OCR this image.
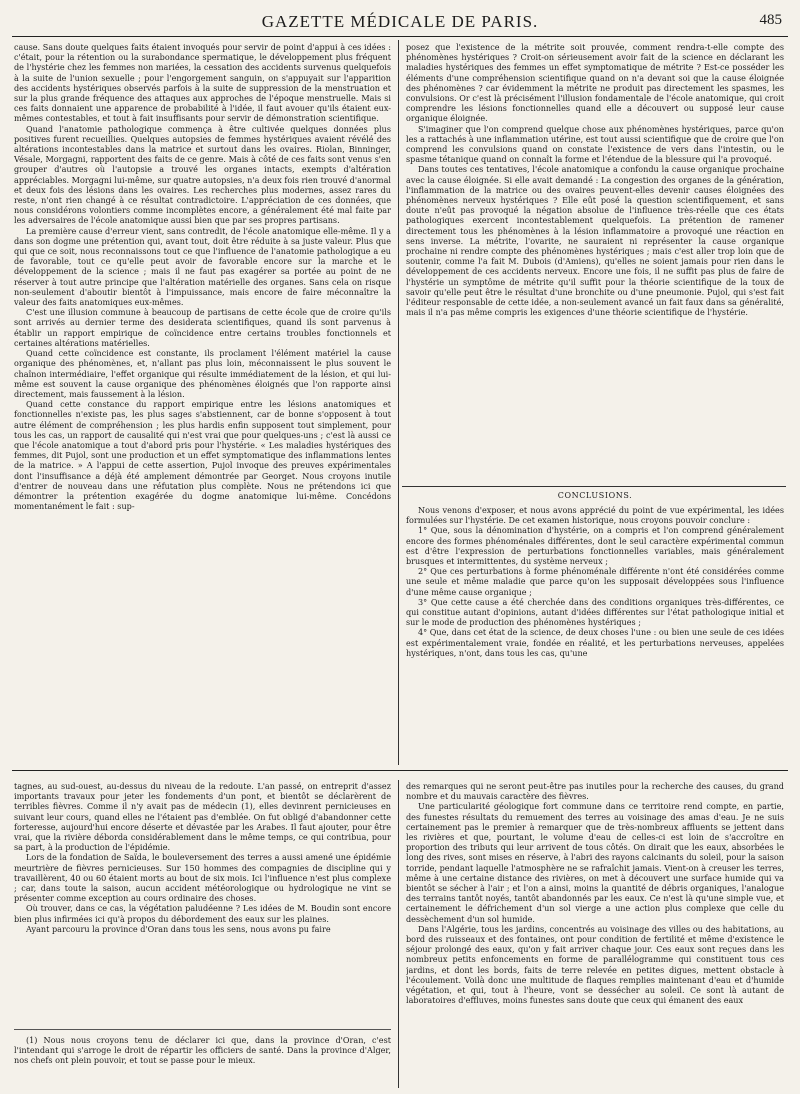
GAZETTE MÉDICALE DE PARIS.	485

cause. Sans doute quelques faits étaient invoqués pour servir de point d'appui à ces idées : c'était, pour la rétention ou la surabondance spermatique, le développement plus fréquent de l'hystérie chez les femmes non mariées, la cessation des accidents survenus quelquefois à la suite de l'union sexuelle ; pour l'engorgement sanguin, on s'appuyait sur l'apparition des accidents hystériques observés parfois à la suite de suppression de la menstruation et sur la plus grande fréquence des attaques aux approches de l'époque menstruelle. Mais si ces faits donnaient une apparence de probabilité à l'idée, il faut avouer qu'ils étaient eux-mêmes contestables, et tout à fait insuffisants pour servir de démonstration scientifique.

Quand l'anatomie pathologique commença à être cultivée quelques données plus positives furent recueillies. Quelques autopsies de femmes hystériques avaient révélé des altérations incontestables dans la matrice et surtout dans les ovaires. Riolan, Binninger, Vésale, Morgagni, rapportent des faits de ce genre. Mais à côté de ces faits sont venus s'en grouper d'autres où l'autopsie a trouvé les organes intacts, exempts d'altération appréciables. Morgagni lui-même, sur quatre autopsies, n'a deux fois rien trouvé d'anormal et deux fois des lésions dans les ovaires. Les recherches plus modernes, assez rares du reste, n'ont rien changé à ce résultat contradictoire. L'appréciation de ces données, que nous considérons volontiers comme incomplètes encore, a généralement été mal faite par les adversaires de l'école anatomique aussi bien que par ses propres partisans.

La première cause d'erreur vient, sans contredit, de l'école anatomique elle-même. Il y a dans son dogme une prétention qui, avant tout, doit être réduite à sa juste valeur. Plus que qui que ce soit, nous reconnaissons tout ce que l'influence de l'anatomie pathologique a eu de favorable, tout ce qu'elle peut avoir de favorable encore sur la marche et le développement de la science ; mais il ne faut pas exagérer sa portée au point de ne réserver à tout autre principe que l'altération matérielle des organes. Sans cela on risque non-seulement d'aboutir bientôt à l'impuissance, mais encore de faire méconnaître la valeur des faits anatomiques eux-mêmes.

C'est une illusion commune à beaucoup de partisans de cette école que de croire qu'ils sont arrivés au dernier terme des desiderata scientifiques, quand ils sont parvenus à établir un rapport empirique de coïncidence entre certains troubles fonctionnels et certaines altérations matérielles.

Quand cette coïncidence est constante, ils proclament l'élément matériel la cause organique des phénomènes, et, n'allant pas plus loin, méconnaissent le plus souvent le chaînon intermédiaire, l'effet organique qui résulte immédiatement de la lésion, et qui lui-même est souvent la cause organique des phénomènes éloignés que l'on rapporte ainsi directement, mais faussement à la lésion.

Quand cette constance du rapport empirique entre les lésions anatomiques et fonctionnelles n'existe pas, les plus sages s'abstiennent, car de bonne s'opposent à tout autre élément de compréhension ; les plus hardis enfin supposent tout simplement, pour tous les cas, un rapport de causalité qui n'est vrai que pour quelques-uns ; c'est là aussi ce que l'école anatomique a tout d'abord pris pour l'hystérie. « Les maladies hystériques des femmes, dit Pujol, sont une production et un effet symptomatique des inflammations lentes de la matrice. » A l'appui de cette assertion, Pujol invoque des preuves expérimentales dont l'insuffisance a déjà été amplement démontrée par Georget. Nous croyons inutile d'entrer de nouveau dans une réfutation plus complète. Nous ne prétendons ici que démontrer la prétention exagérée du dogme anatomique lui-même. Concédons momentanément le fait : sup-

posez que l'existence de la métrite soit prouvée, comment rendra-t-elle compte des phénomènes hystériques ? Croit-on sérieusement avoir fait de la science en déclarant les maladies hystériques des femmes un effet symptomatique de métrite ? Est-ce posséder les éléments d'une compréhension scientifique quand on n'a devant soi que la cause éloignée des phénomènes ? car évidemment la métrite ne produit pas directement les spasmes, les convulsions. Or c'est là précisément l'illusion fondamentale de l'école anatomique, qui croit comprendre les lésions fonctionnelles quand elle a découvert ou supposé leur cause organique éloignée.

S'imaginer que l'on comprend quelque chose aux phénomènes hystériques, parce qu'on les a rattachés à une inflammation utérine, est tout aussi scientifique que de croire que l'on comprend les convulsions quand on constate l'existence de vers dans l'intestin, ou le spasme tétanique quand on connaît la forme et l'étendue de la blessure qui l'a provoqué.

Dans toutes ces tentatives, l'école anatomique a confondu la cause organique prochaine avec la cause éloignée. Si elle avait demandé : La congestion des organes de la génération, l'inflammation de la matrice ou des ovaires peuvent-elles devenir causes éloignées des phénomènes nerveux hystériques ? Elle eût posé la question scientifiquement, et sans doute n'eût pas provoqué la négation absolue de l'influence très-réelle que ces états pathologiques exercent incontestablement quelquefois. La prétention de ramener directement tous les phénomènes à la lésion inflammatoire a provoqué une réaction en sens inverse. La métrite, l'ovarite, ne sauraient ni représenter la cause organique prochaine ni rendre compte des phénomènes hystériques ; mais c'est aller trop loin que de soutenir, comme l'a fait M. Dubois (d'Amiens), qu'elles ne soient jamais pour rien dans le développement de ces accidents nerveux. Encore une fois, il ne suffit pas plus de faire de l'hystérie un symptôme de métrite qu'il suffit pour la théorie scientifique de la toux de savoir qu'elle peut être le résultat d'une bronchite ou d'une pneumonie. Pujol, qui s'est fait l'éditeur responsable de cette idée, a non-seulement avancé un fait faux dans sa généralité, mais il n'a pas même compris les exigences d'une théorie scientifique de l'hystérie.

CONCLUSIONS.

Nous venons d'exposer, et nous avons apprécié du point de vue expérimental, les idées formulées sur l'hystérie. De cet examen historique, nous croyons pouvoir conclure :

1° Que, sous la dénomination d'hystérie, on a compris et l'on comprend généralement encore des formes phénoménales différentes, dont le seul caractère expérimental commun est d'être l'expression de perturbations fonctionnelles variables, mais généralement brusques et intermittentes, du système nerveux ;

2° Que ces perturbations à forme phénoménale différente n'ont été considérées comme une seule et même maladie que parce qu'on les supposait développées sous l'influence d'une même cause organique ;

3° Que cette cause a été cherchée dans des conditions organiques très-différentes, ce qui constitue autant d'opinions, autant d'idées différentes sur l'état pathologique initial et sur le mode de production des phénomènes hystériques ;

4° Que, dans cet état de la science, de deux choses l'une : ou bien une seule de ces idées est expérimentalement vraie, fondée en réalité, et les perturbations nerveuses, appelées hystériques, n'ont, dans tous les cas, qu'une

tagnes, au sud-ouest, au-dessus du niveau de la redoute. L'an passé, on entreprit d'assez importants travaux pour jeter les fondements d'un pont, et bientôt se déclarèrent de terribles fièvres. Comme il n'y avait pas de médecin (1), elles devinrent pernicieuses en suivant leur cours, quand elles ne l'étaient pas d'emblée. On fut obligé d'abandonner cette forteresse, aujourd'hui encore déserte et dévastée par les Arabes. Il faut ajouter, pour être vrai, que la rivière déborda considérablement dans le même temps, ce qui contribua, pour sa part, à la production de l'épidémie.

Lors de la fondation de Saïda, le bouleversement des terres a aussi amené une épidémie meurtrière de fièvres pernicieuses. Sur 150 hommes des compagnies de discipline qui y travaillèrent, 40 ou 60 étaient morts au bout de six mois. Ici l'influence n'est plus complexe ; car, dans toute la saison, aucun accident météorologique ou hydrologique ne vint se présenter comme exception au cours ordinaire des choses.

Où trouver, dans ce cas, la végétation paludéenne ? Les idées de M. Boudin sont encore bien plus infirmées ici qu'à propos du débordement des eaux sur les plaines.

Ayant parcouru la province d'Oran dans tous les sens, nous avons pu faire

des remarques qui ne seront peut-être pas inutiles pour la recherche des causes, du grand nombre et du mauvais caractère des fièvres.

Une particularité géologique fort commune dans ce territoire rend compte, en partie, des funestes résultats du remuement des terres au voisinage des amas d'eau. Je ne suis certainement pas le premier à remarquer que de très-nombreux affluents se jettent dans les rivières et que, pourtant, le volume d'eau de celles-ci est loin de s'accroître en proportion des tributs qui leur arrivent de tous côtés. On dirait que les eaux, absorbées le long des rives, sont mises en réserve, à l'abri des rayons calcinants du soleil, pour la saison torride, pendant laquelle l'atmosphère ne se rafraîchit jamais. Vient-on à creuser les terres, même à une certaine distance des rivières, on met à découvert une surface humide qui va bientôt se sécher à l'air ; et l'on a ainsi, moins la quantité de débris organiques, l'analogue des terrains tantôt noyés, tantôt abandonnés par les eaux. Ce n'est là qu'une simple vue, et certainement le défrichement d'un sol vierge a une action plus complexe que celle du dessèchement d'un sol humide.

Dans l'Algérie, tous les jardins, concentrés au voisinage des villes ou des habitations, au bord des ruisseaux et des fontaines, ont pour condition de fertilité et même d'existence le séjour prolongé des eaux, qu'on y fait arriver chaque jour. Ces eaux sont reçues dans les nombreux petits enfoncements en forme de parallélogramme qui constituent tous ces jardins, et dont les bords, faits de terre relevée en petites digues, mettent obstacle à l'écoulement. Voilà donc une multitude de flaques remplies maintenant d'eau et d'humide végétation, et qui, tout à l'heure, vont se dessécher au soleil. Ce sont là autant de laboratoires d'effluves, moins funestes sans doute que ceux qui émanent des eaux

(1) Nous nous croyons tenu de déclarer ici que, dans la province d'Oran, c'est l'intendant qui s'arroge le droit de répartir les officiers de santé. Dans la province d'Alger, nos chefs ont plein pouvoir, et tout se passe pour le mieux.
